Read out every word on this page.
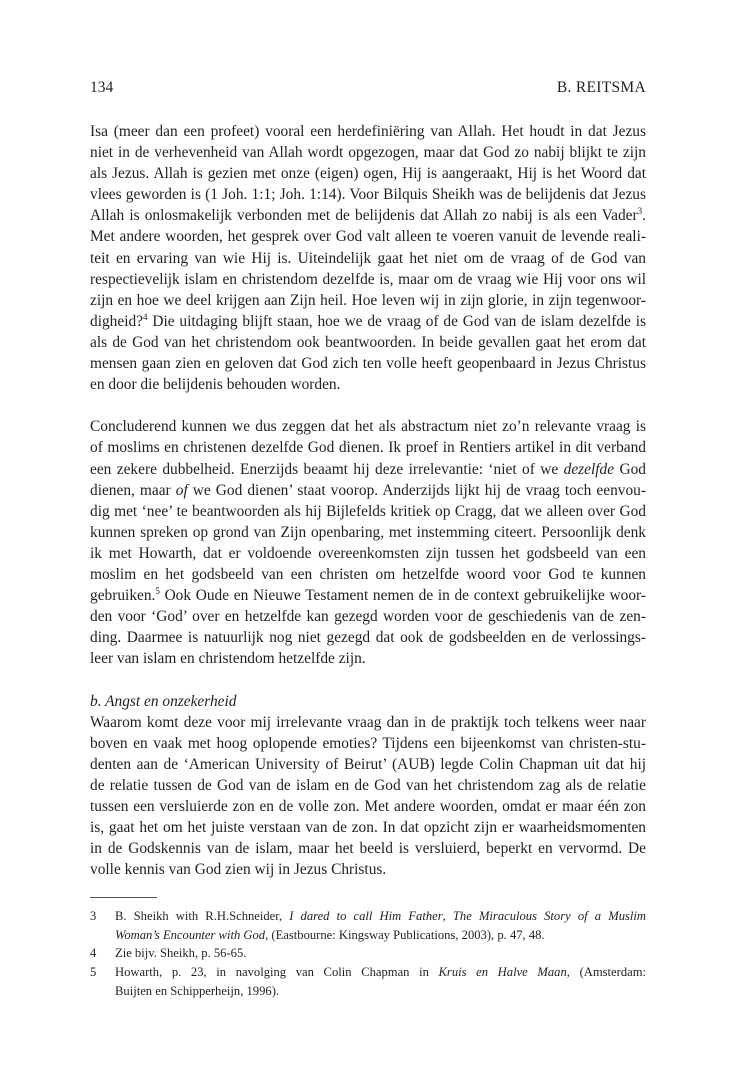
134	B. REITSMA
Isa (meer dan een profeet) vooral een herdefiniëring van Allah. Het houdt in dat Jezus
niet in de verhevenheid van Allah wordt opgezogen, maar dat God zo nabij blijkt te zijn
als Jezus. Allah is gezien met onze (eigen) ogen, Hij is aangeraakt, Hij is het Woord dat
vlees geworden is (1 Joh. 1:1; Joh. 1:14). Voor Bilquis Sheikh was de belijdenis dat Jezus
Allah is onlosmakelijk verbonden met de belijdenis dat Allah zo nabij is als een Vader$^3$.
Met andere woorden, het gesprek over God valt alleen te voeren vanuit de levende reali-
teit en ervaring van wie Hij is. Uiteindelijk gaat het niet om de vraag of de God van
respectievelijk islam en christendom dezelfde is, maar om de vraag wie Hij voor ons wil
zijn en hoe we deel krijgen aan Zijn heil. Hoe leven wij in zijn glorie, in zijn tegenwoor-
digheid?$^4$ Die uitdaging blijft staan, hoe we de vraag of de God van de islam dezelfde is
als de God van het christendom ook beantwoorden. In beide gevallen gaat het erom dat
mensen gaan zien en geloven dat God zich ten volle heeft geopenbaard in Jezus Christus
en door die belijdenis behouden worden.
Concluderend kunnen we dus zeggen dat het als abstractum niet zo’n relevante vraag is
of moslims en christenen dezelfde God dienen. Ik proef in Rentiers artikel in dit verband
een zekere dubbelheid. Enerzijds beaamt hij deze irrelevantie: ‘niet of we dezelfde God
dienen, maar of we God dienen’ staat voorop. Anderzijds lijkt hij de vraag toch eenvou-
dig met ‘nee’ te beantwoorden als hij Bijlefelds kritiek op Cragg, dat we alleen over God
kunnen spreken op grond van Zijn openbaring, met instemming citeert. Persoonlijk denk
ik met Howarth, dat er voldoende overeenkomsten zijn tussen het godsbeeld van een
moslim en het godsbeeld van een christen om hetzelfde woord voor God te kunnen
gebruiken.$^5$ Ook Oude en Nieuwe Testament nemen de in de context gebruikelijke woor-
den voor ‘God’ over en hetzelfde kan gezegd worden voor de geschiedenis van de zen-
ding. Daarmee is natuurlijk nog niet gezegd dat ook de godsbeelden en de verlossings-
leer van islam en christendom hetzelfde zijn.
b. Angst en onzekerheid
Waarom komt deze voor mij irrelevante vraag dan in de praktijk toch telkens weer naar
boven en vaak met hoog oplopende emoties? Tijdens een bijeenkomst van christen-stu-
denten aan de ‘American University of Beirut’ (AUB) legde Colin Chapman uit dat hij
de relatie tussen de God van de islam en de God van het christendom zag als de relatie
tussen een versluierde zon en de volle zon. Met andere woorden, omdat er maar één zon
is, gaat het om het juiste verstaan van de zon. In dat opzicht zijn er waarheidsmomenten
in de Godskennis van de islam, maar het beeld is versluierd, beperkt en vervormd. De
volle kennis van God zien wij in Jezus Christus.
3	B. Sheikh with R.H.Schneider, I dared to call Him Father, The Miraculous Story of a Muslim
Woman’s Encounter with God, (Eastbourne: Kingsway Publications, 2003), p. 47, 48.
4	Zie bijv. Sheikh, p. 56-65.
5	Howarth, p. 23, in navolging van Colin Chapman in Kruis en Halve Maan, (Amsterdam:
Buijten en Schipperheijn, 1996).
